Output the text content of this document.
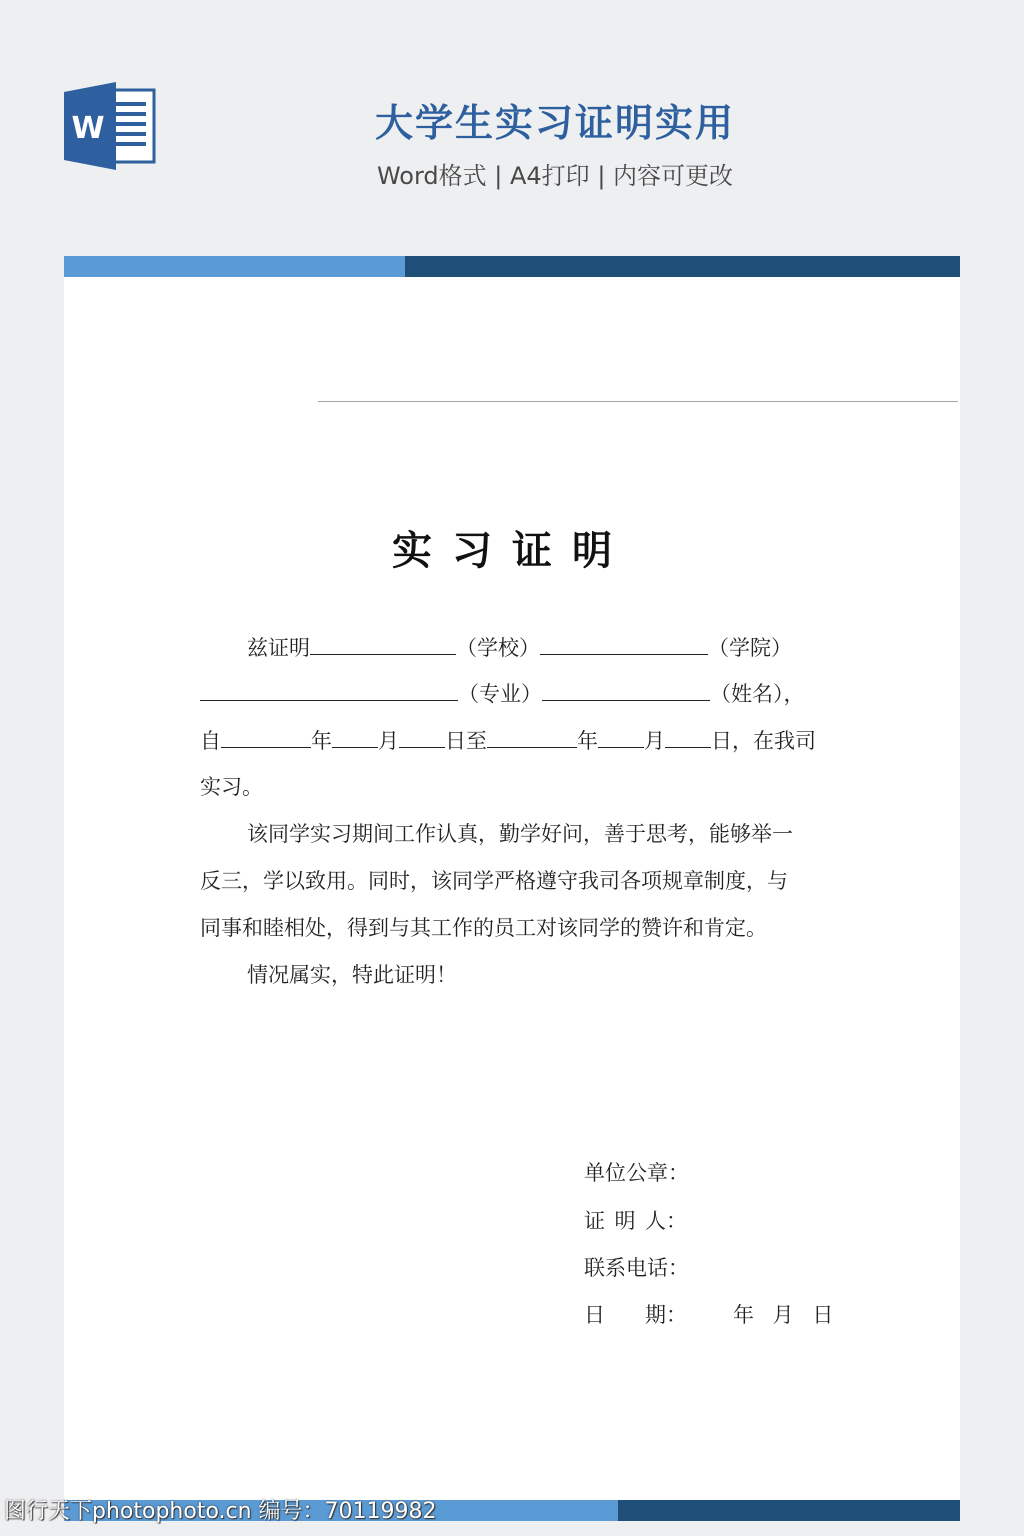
W	大学生实习证明实用
Word格式 | A4打印 | 内容可更改
实习证明
兹证明	（学校）	（学院）
（专业）	（姓名），
自	年 月 日至	年 月 日，在我司
实习。
该同学实习期间工作认真，勤学好问，善于思考，能够举一
反三，学以致用。同时，该同学严格遵守我司各项规章制度，与
同事和睦相处，得到与其工作的员工对该同学的赞许和肯定。
情况属实，特此证明！
单位公章：
证明人：
联系电话：
日期： 年 月 日
图行天下photophoto.cn 编号：70119982
